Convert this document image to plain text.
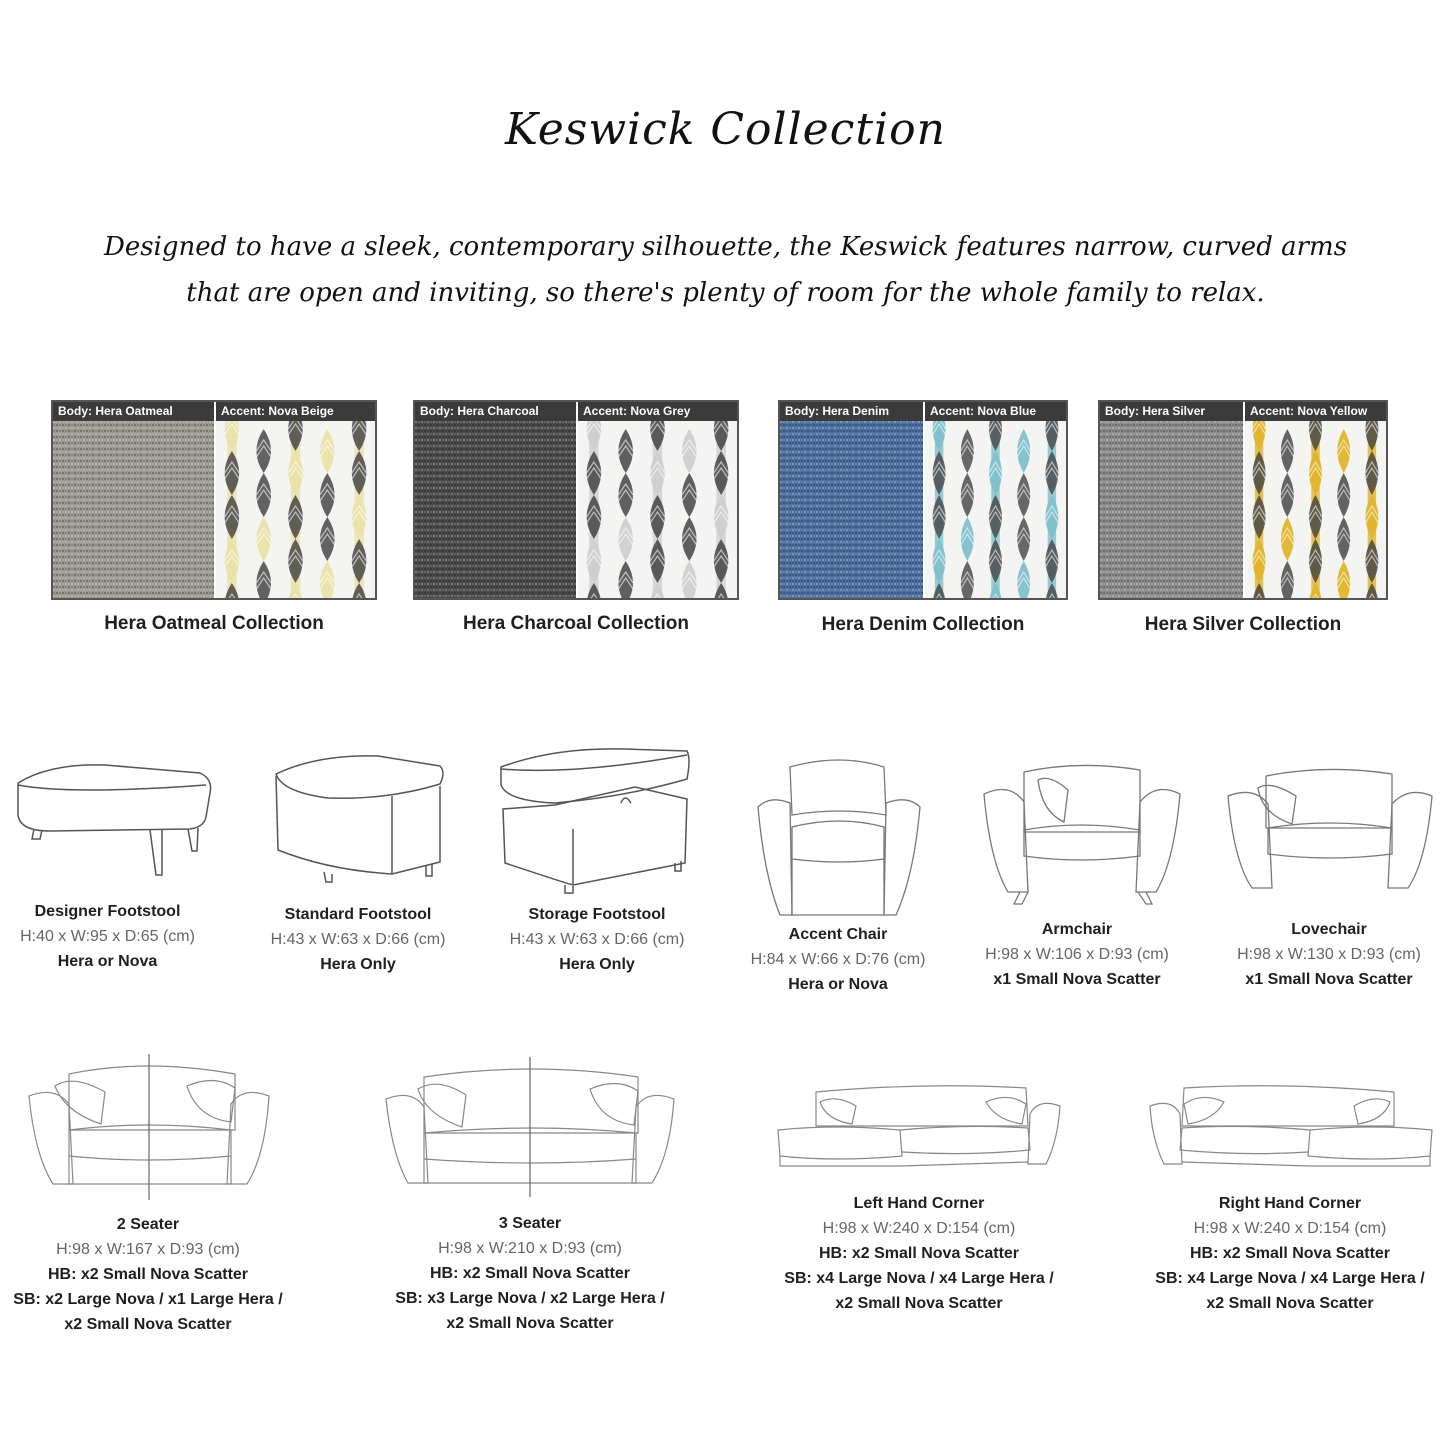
Keswick Collection
Designed to have a sleek, contemporary silhouette, the Keswick features narrow, curved arms that are open and inviting, so there's plenty of room for the whole family to relax.
Body: Hera Oatmeal	Accent: Nova Beige	Body: Hera Charcoal	Accent: Nova Grey	Body: Hera Denim	Accent: Nova Blue	Body: Hera Silver	Accent: Nova Yellow
Hera Oatmeal Collection	Hera Charcoal Collection	Hera Denim Collection	Hera Silver Collection
Designer Footstool
H:40 x W:95 x D:65 (cm)
Hera or Nova
Standard Footstool
H:43 x W:63 x D:66 (cm)
Hera Only
Storage Footstool
H:43 x W:63 x D:66 (cm)
Hera Only
Accent Chair
H:84 x W:66 x D:76 (cm)
Hera or Nova
Armchair
H:98 x W:106 x D:93 (cm)
x1 Small Nova Scatter
Lovechair
H:98 x W:130 x D:93 (cm)
x1 Small Nova Scatter
2 Seater
H:98 x W:167 x D:93 (cm)
HB: x2 Small Nova Scatter
SB: x2 Large Nova / x1 Large Hera /
x2 Small Nova Scatter
3 Seater
H:98 x W:210 x D:93 (cm)
HB: x2 Small Nova Scatter
SB: x3 Large Nova / x2 Large Hera /
x2 Small Nova Scatter
Left Hand Corner
H:98 x W:240 x D:154 (cm)
HB: x2 Small Nova Scatter
SB: x4 Large Nova / x4 Large Hera /
x2 Small Nova Scatter
Right Hand Corner
H:98 x W:240 x D:154 (cm)
HB: x2 Small Nova Scatter
SB: x4 Large Nova / x4 Large Hera /
x2 Small Nova Scatter
